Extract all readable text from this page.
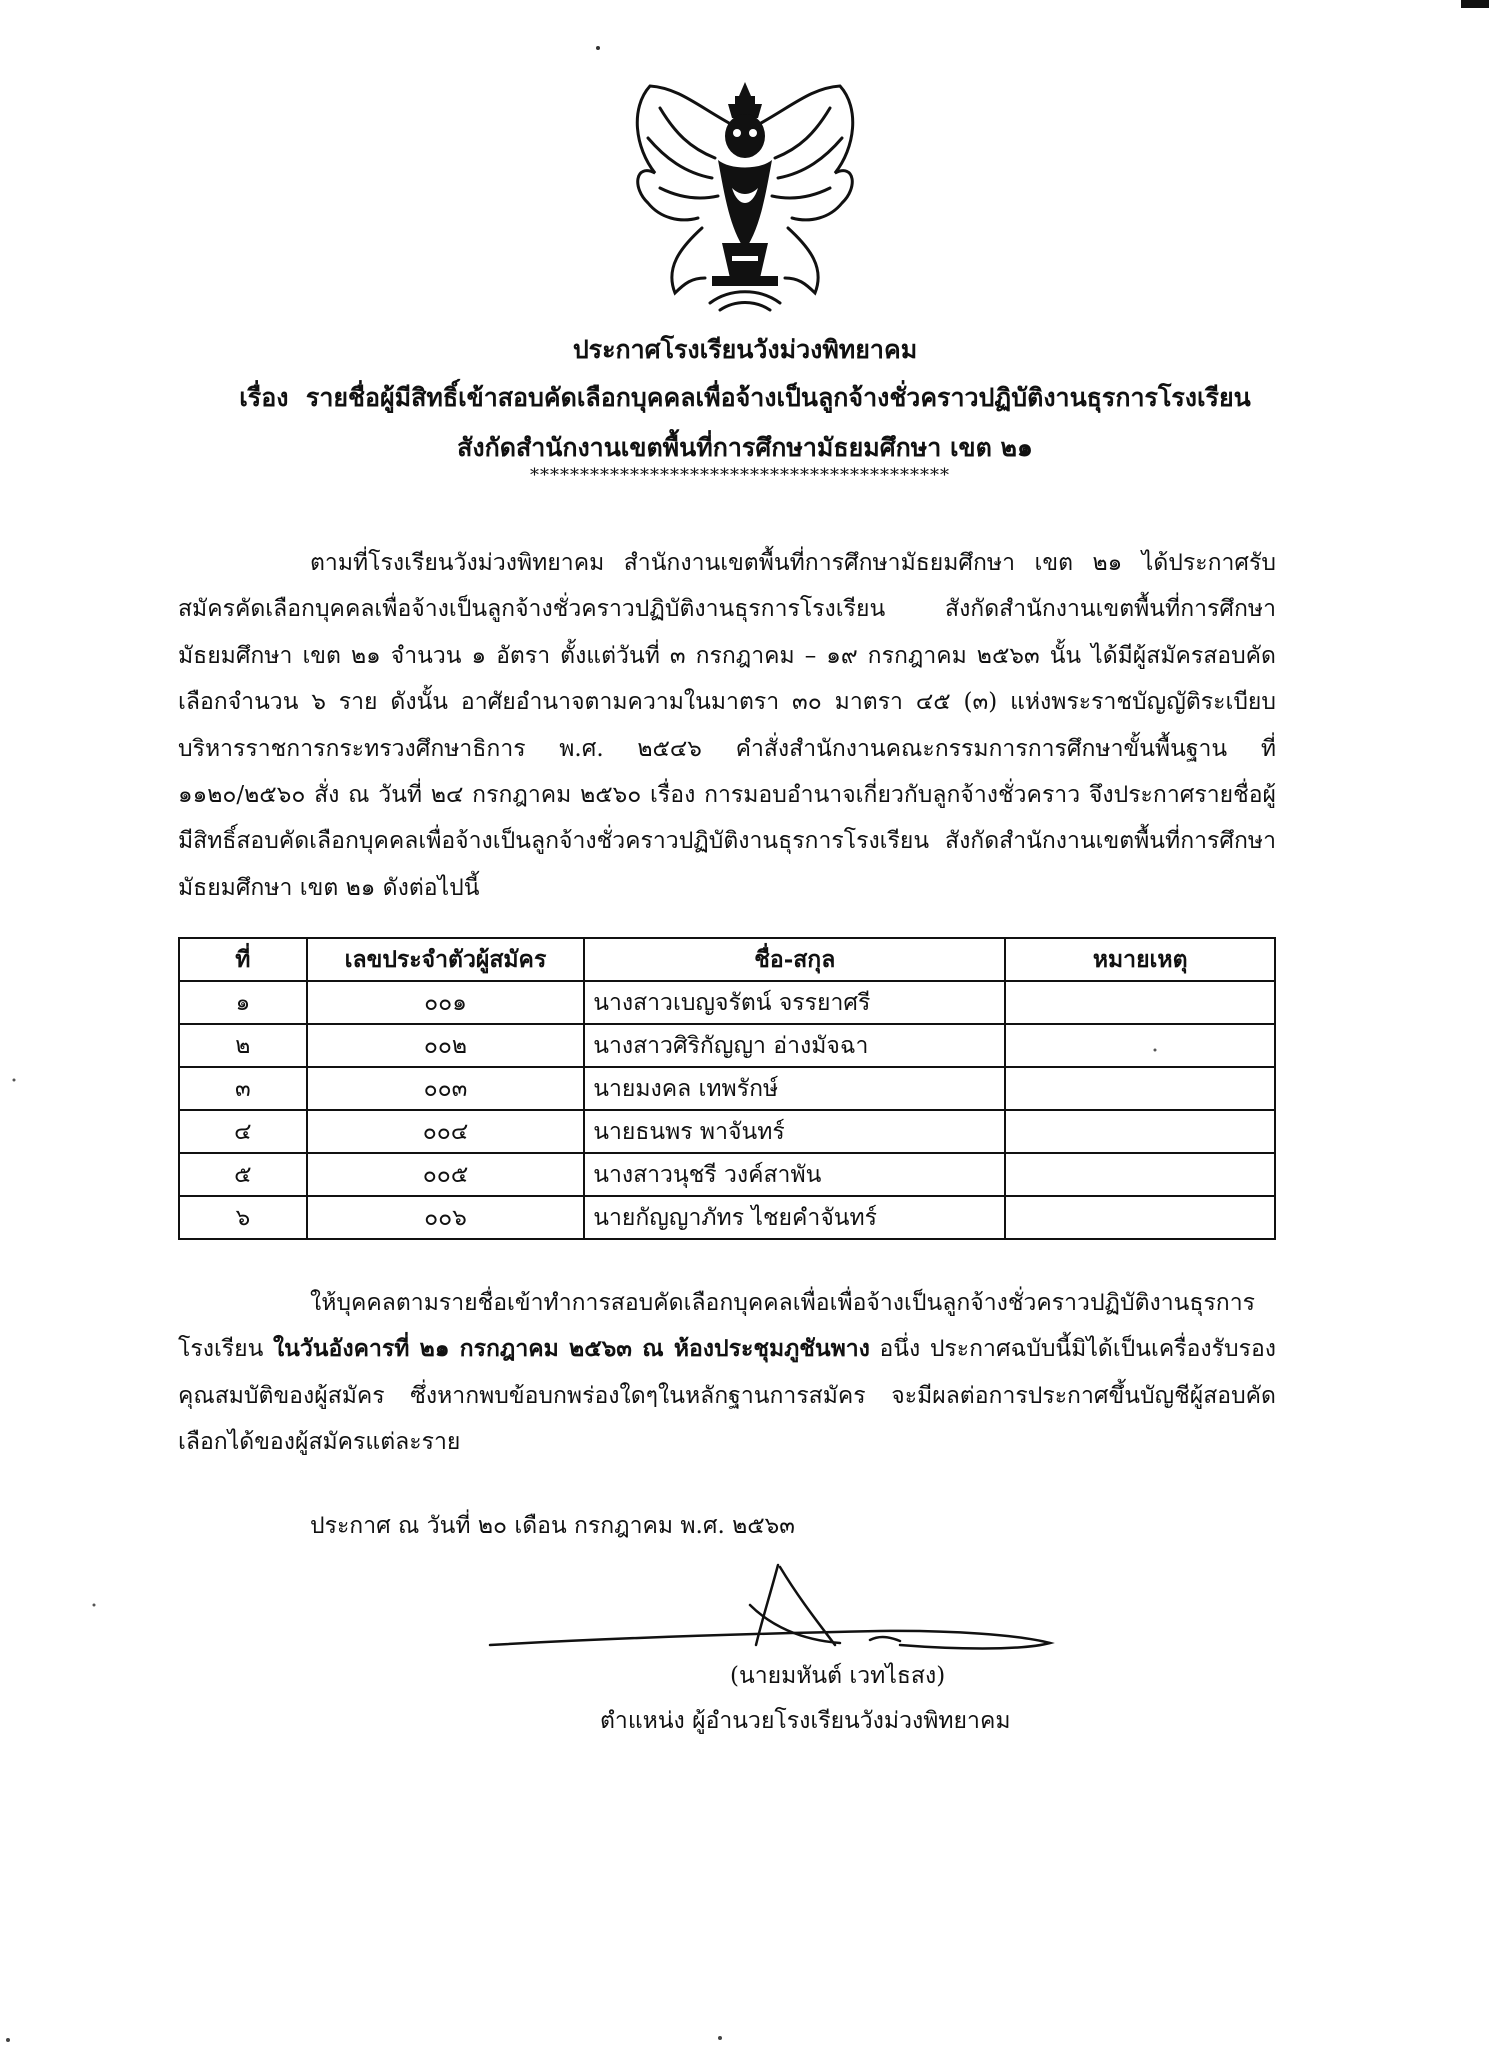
ประกาศโรงเรียนวังม่วงพิทยาคม
เรื่อง รายชื่อผู้มีสิทธิ์เข้าสอบคัดเลือกบุคคลเพื่อจ้างเป็นลูกจ้างชั่วคราวปฏิบัติงานธุรการโรงเรียน
สังกัดสำนักงานเขตพื้นที่การศึกษามัธยมศึกษา เขต ๒๑
******************************************

ตามที่โรงเรียนวังม่วงพิทยาคม สำนักงานเขตพื้นที่การศึกษามัธยมศึกษา เขต ๒๑ ได้ประกาศรับสมัครคัดเลือกบุคคลเพื่อจ้างเป็นลูกจ้างชั่วคราวปฏิบัติงานธุรการโรงเรียน สังกัดสำนักงานเขตพื้นที่การศึกษามัธยมศึกษา เขต ๒๑ จำนวน ๑ อัตรา ตั้งแต่วันที่ ๓ กรกฎาคม – ๑๙ กรกฎาคม ๒๕๖๓ นั้น ได้มีผู้สมัครสอบคัดเลือกจำนวน ๖ ราย ดังนั้น อาศัยอำนาจตามความในมาตรา ๓๐ มาตรา ๔๕ (๓) แห่งพระราชบัญญัติระเบียบบริหารราชการกระทรวงศึกษาธิการ พ.ศ. ๒๕๔๖ คำสั่งสำนักงานคณะกรรมการการศึกษาขั้นพื้นฐาน ที่ ๑๑๒๐/๒๕๖๐ สั่ง ณ วันที่ ๒๔ กรกฎาคม ๒๕๖๐ เรื่อง การมอบอำนาจเกี่ยวกับลูกจ้างชั่วคราว จึงประกาศรายชื่อผู้มีสิทธิ์สอบคัดเลือกบุคคลเพื่อจ้างเป็นลูกจ้างชั่วคราวปฏิบัติงานธุรการโรงเรียน สังกัดสำนักงานเขตพื้นที่การศึกษามัธยมศึกษา เขต ๒๑ ดังต่อไปนี้

ที่	เลขประจำตัวผู้สมัคร	ชื่อ-สกุล	หมายเหตุ
๑	๐๐๑	นางสาวเบญจรัตน์ จรรยาศรี	
๒	๐๐๒	นางสาวศิริกัญญา อ่างมัจฉา	
๓	๐๐๓	นายมงคล เทพรักษ์	
๔	๐๐๔	นายธนพร พาจันทร์	
๕	๐๐๕	นางสาวนุชรี วงค์สาพัน	
๖	๐๐๖	นายกัญญาภัทร ไชยคำจันทร์	

ให้บุคคลตามรายชื่อเข้าทำการสอบคัดเลือกบุคคลเพื่อเพื่อจ้างเป็นลูกจ้างชั่วคราวปฏิบัติงานธุรการโรงเรียน ในวันอังคารที่ ๒๑ กรกฎาคม ๒๕๖๓ ณ ห้องประชุมภูชันพาง อนึ่ง ประกาศฉบับนี้มิได้เป็นเครื่องรับรองคุณสมบัติของผู้สมัคร ซึ่งหากพบข้อบกพร่องใดๆในหลักฐานการสมัคร จะมีผลต่อการประกาศขึ้นบัญชีผู้สอบคัดเลือกได้ของผู้สมัครแต่ละราย

ประกาศ ณ วันที่ ๒๐ เดือน กรกฎาคม พ.ศ. ๒๕๖๓
(นายมหันต์ เวทไธสง)
ตำแหน่ง ผู้อำนวยโรงเรียนวังม่วงพิทยาคม
